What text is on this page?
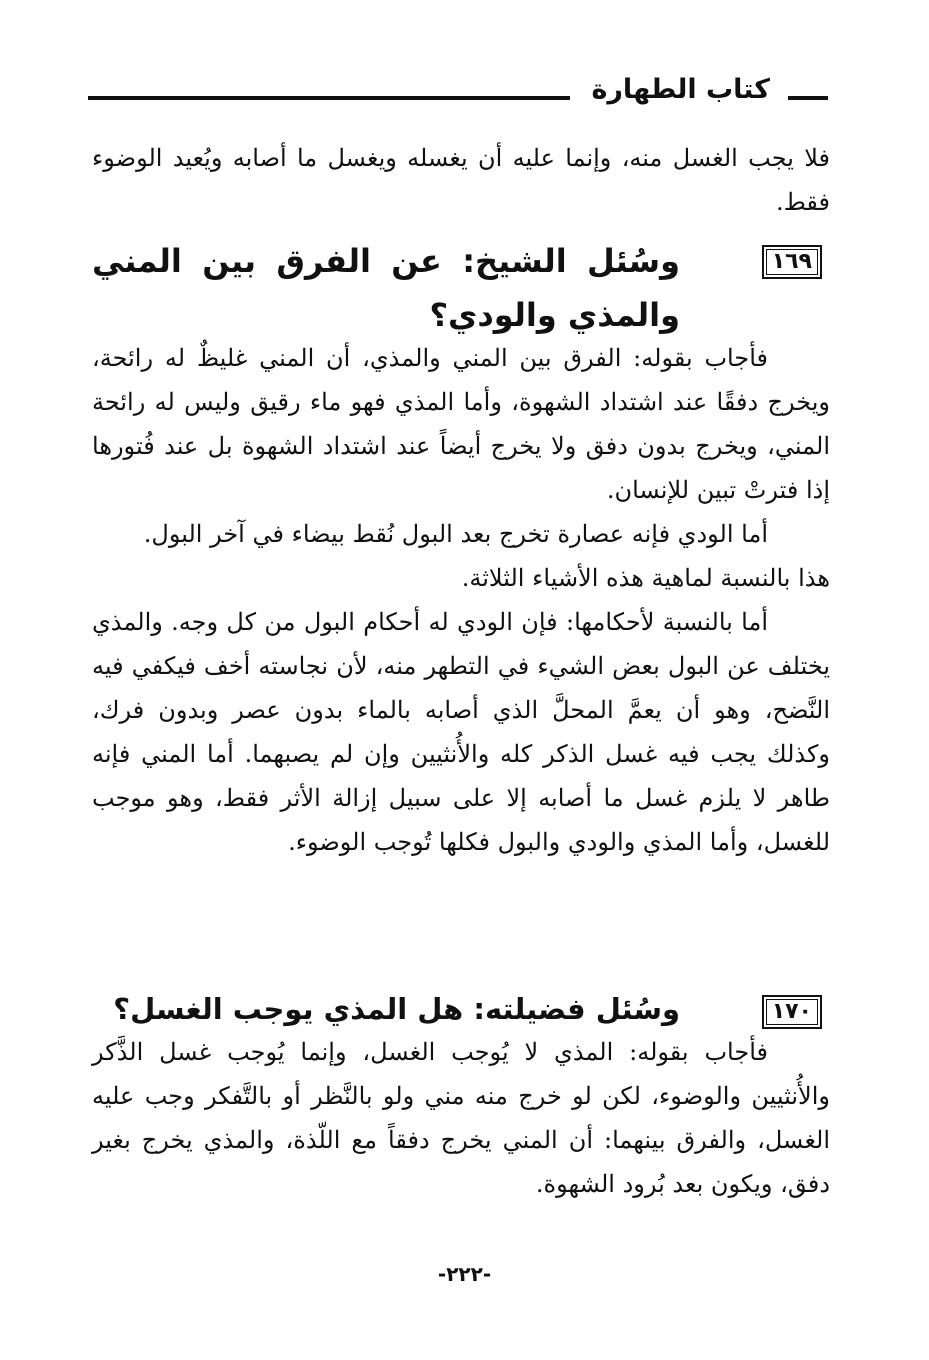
كتاب الطهارة

فلا يجب الغسل منه، وإنما عليه أن يغسله ويغسل ما أصابه ويُعيد الوضوء فقط.

١٦٩

وسُئل الشيخ: عن الفرق بين المني والمذي والودي؟

فأجاب بقوله: الفرق بين المني والمذي، أن المني غليظٌ له رائحة، ويخرج دفقًا عند اشتداد الشهوة، وأما المذي فهو ماء رقيق وليس له رائحة المني، ويخرج بدون دفق ولا يخرج أيضاً عند اشتداد الشهوة بل عند فُتورها إذا فترتْ تبين للإنسان.

أما الودي فإنه عصارة تخرج بعد البول نُقط بيضاء في آخر البول.

هذا بالنسبة لماهية هذه الأشياء الثلاثة.

أما بالنسبة لأحكامها: فإن الودي له أحكام البول من كل وجه. والمذي يختلف عن البول بعض الشيء في التطهر منه، لأن نجاسته أخف فيكفي فيه النَّضح، وهو أن يعمَّ المحلَّ الذي أصابه بالماء بدون عصر وبدون فرك، وكذلك يجب فيه غسل الذكر كله والأُنثيين وإن لم يصبهما. أما المني فإنه طاهر لا يلزم غسل ما أصابه إلا على سبيل إزالة الأثر فقط، وهو موجب للغسل، وأما المذي والودي والبول فكلها تُوجب الوضوء.

١٧٠

وسُئل فضيلته: هل المذي يوجب الغسل؟

فأجاب بقوله: المذي لا يُوجب الغسل، وإنما يُوجب غسل الذَّكر والأُنثيين والوضوء، لكن لو خرج منه مني ولو بالنَّظر أو بالتَّفكر وجب عليه الغسل، والفرق بينهما: أن المني يخرج دفقاً مع اللّذة، والمذي يخرج بغير دفق، ويكون بعد بُرود الشهوة.

-٢٢٢-
